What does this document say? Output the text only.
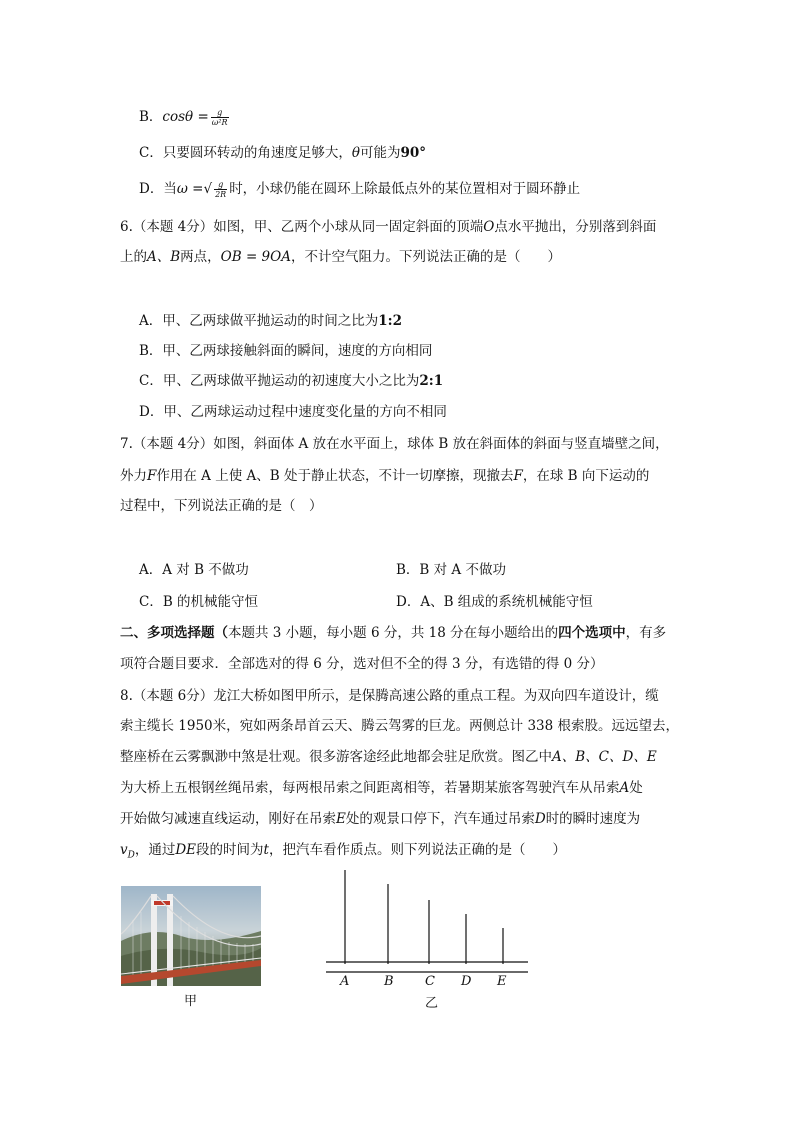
B．$\cos\theta = \frac{g}{\text{ω²R}}$
C．只要圆环转动的角速度足够大，θ可能为90°
D．当ω =√ $\frac{g}{2R}$ 时，小球仍能在圆环上除最低点外的某位置相对于圆环静止
6.（本题 4分）如图，甲、乙两个小球从同一固定斜面的顶端O点水平抛出，分别落到斜面
上的A、B两点，OB = 9OA，不计空气阻力。下列说法正确的是（　　）
A．甲、乙两球做平抛运动的时间之比为1:2
B．甲、乙两球接触斜面的瞬间，速度的方向相同
C．甲、乙两球做平抛运动的初速度大小之比为2:1
D．甲、乙两球运动过程中速度变化量的方向不相同
7.（本题 4分）如图，斜面体 A 放在水平面上，球体 B 放在斜面体的斜面与竖直墙壁之间，
外力F作用在 A 上使 A、B 处于静止状态，不计一切摩擦，现撤去F，在球 B 向下运动的
过程中，下列说法正确的是（　）
A．A 对 B 不做功	B．B 对 A 不做功
C．B 的机械能守恒	D．A、B 组成的系统机械能守恒
二、多项选择题（本题共 3 小题，每小题 6 分，共 18 分在每小题给出的四个选项中，有多
项符合题目要求．全部选对的得 6 分，选对但不全的得 3 分，有选错的得 0 分）
8.（本题 6分）龙江大桥如图甲所示，是保腾高速公路的重点工程。为双向四车道设计，缆
索主缆长 1950米，宛如两条昂首云天、腾云驾雾的巨龙。两侧总计 338 根索股。远远望去，
整座桥在云雾飘渺中煞是壮观。很多游客途经此地都会驻足欣赏。图乙中A、B、C、D、E
为大桥上五根钢丝绳吊索，每两根吊索之间距离相等，若暑期某旅客驾驶汽车从吊索A处
开始做匀减速直线运动，刚好在吊索E处的观景口停下，汽车通过吊索D时的瞬时速度为
$v_D$，通过DE段的时间为t，把汽车看作质点。则下列说法正确的是（　　）
甲
A	B C D E
乙
